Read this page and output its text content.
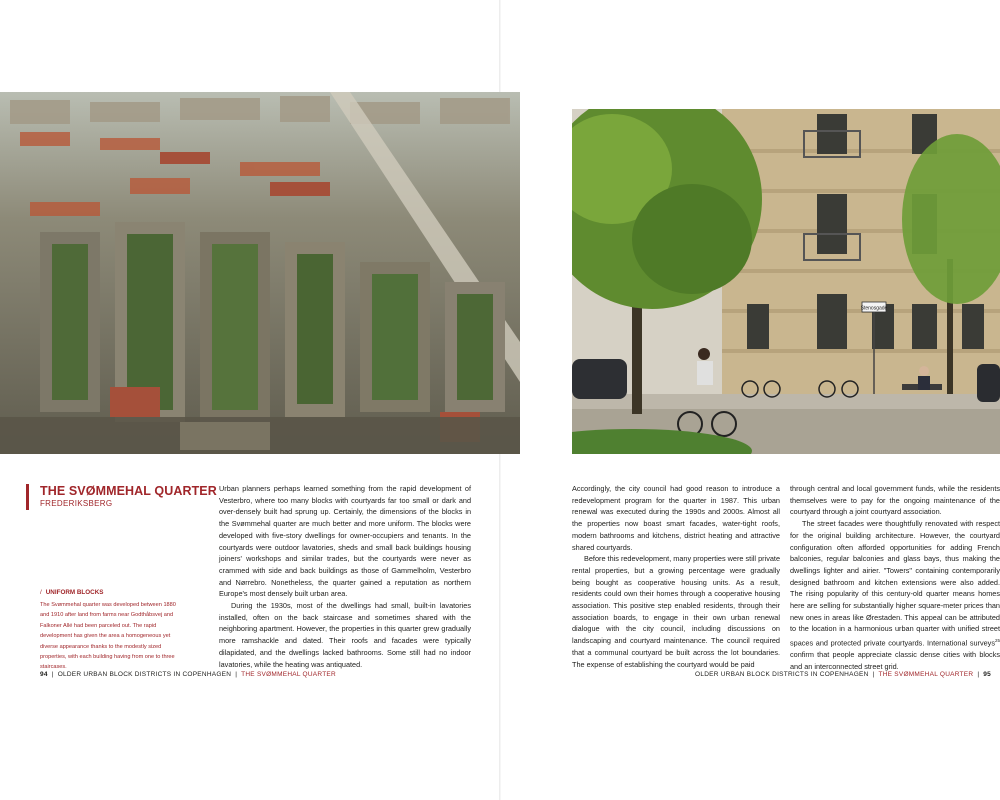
Stenosgade
THE SVØMMEHAL QUARTER
FREDERIKSBERG
/ UNIFORM BLOCKS
The Svømmehal quarter was developed between 1880 and 1910 after land from farms near Godthåbsvej and Falkoner Allé had been parceled out. The rapid development has given the area a homogeneous yet diverse appearance thanks to the modestly sized properties, with each building having from one to three staircases.

Urban planners perhaps learned something from the rapid development of Vesterbro, where too many blocks with courtyards far too small or dark and over-densely built had sprung up. Certainly, the dimensions of the blocks in the Svømmehal quarter are much better and more uniform. The blocks were developed with five-story dwellings for owner-occupiers and tenants. In the courtyards were outdoor lavatories, sheds and small back buildings housing joiners' workshops and similar trades, but the courtyards were never as crammed with side and back buildings as those of Gammelholm, Vesterbro and Nørrebro. Nonetheless, the quarter gained a reputation as northern Europe's most densely built urban area.

During the 1930s, most of the dwellings had small, built-in lavatories installed, often on the back staircase and sometimes shared with the neighboring apartment. However, the properties in this quarter grew gradually more ramshackle and dated. Their roofs and facades were typically dilapidated, and the dwellings lacked bathrooms. Some still had no indoor lavatories, while the heating was antiquated.

Accordingly, the city council had good reason to introduce a redevelopment program for the quarter in 1987. This urban renewal was executed during the 1990s and 2000s. Almost all the properties now boast smart facades, water-tight roofs, modern bathrooms and kitchens, district heating and attractive shared courtyards.

Before this redevelopment, many properties were still private rental properties, but a growing percentage were gradually being bought as cooperative housing units. As a result, residents could own their homes through a cooperative housing association. This positive step enabled residents, through their association boards, to engage in their own urban renewal dialogue with the city council, including discussions on landscaping and courtyard maintenance. The council required that a communal courtyard be built across the lot boundaries. The expense of establishing the courtyard would be paid

through central and local government funds, while the residents themselves were to pay for the ongoing maintenance of the courtyard through a joint courtyard association.

The street facades were thoughtfully renovated with respect for the original building architecture. However, the courtyard configuration often afforded opportunities for adding French balconies, regular balconies and glass bays, thus making the dwellings lighter and airier. "Towers" containing contemporarily designed bathroom and kitchen extensions were also added. The rising popularity of this century-old quarter means homes here are selling for substantially higher square-meter prices than new ones in areas like Ørestaden. This appeal can be attributed to the location in a harmonious urban quarter with unified street spaces and protected private courtyards. International surveys$^{25}$ confirm that people appreciate classic dense cities with blocks and an interconnected street grid.

94 | OLDER URBAN BLOCK DISTRICTS IN COPENHAGEN | THE SVØMMEHAL QUARTER	OLDER URBAN BLOCK DISTRICTS IN COPENHAGEN | THE SVØMMEHAL QUARTER | 95
